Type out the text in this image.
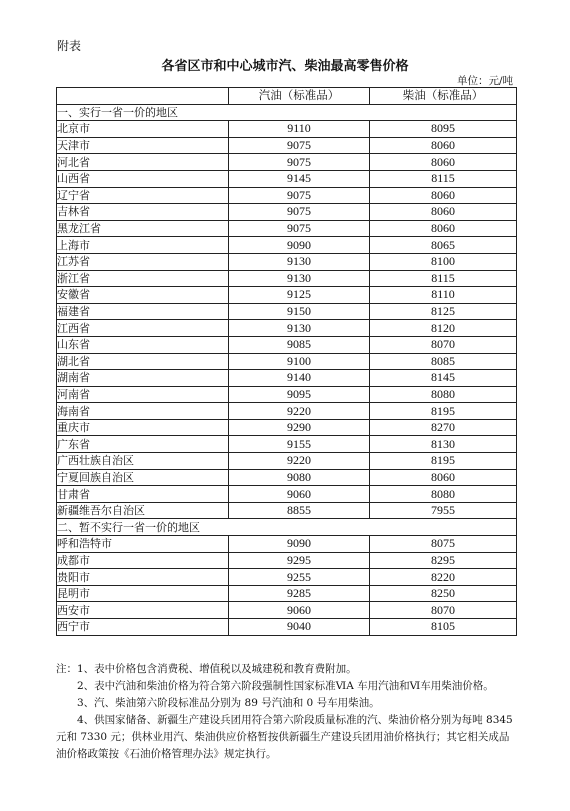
附表
各省区市和中心城市汽、柴油最高零售价格
单位：元/吨
	汽油（标准品）	柴油（标准品）
一、实行一省一价的地区		
北京市	9110	8095
天津市	9075	8060
河北省	9075	8060
山西省	9145	8115
辽宁省	9075	8060
吉林省	9075	8060
黑龙江省	9075	8060
上海市	9090	8065
江苏省	9130	8100
浙江省	9130	8115
安徽省	9125	8110
福建省	9150	8125
江西省	9130	8120
山东省	9085	8070
湖北省	9100	8085
湖南省	9140	8145
河南省	9095	8080
海南省	9220	8195
重庆市	9290	8270
广东省	9155	8130
广西壮族自治区	9220	8195
宁夏回族自治区	9080	8060
甘肃省	9060	8080
新疆维吾尔自治区	8855	7955
二、暂不实行一省一价的地区		
呼和浩特市	9090	8075
成都市	9295	8295
贵阳市	9255	8220
昆明市	9285	8250
西安市	9060	8070
西宁市	9040	8105
注： 1、表中价格包含消费税、增值税以及城建税和教育费附加。

2、表中汽油和柴油价格为符合第六阶段强制性国家标准ⅥA 车用汽油和Ⅵ车用柴油价格。

3、汽、柴油第六阶段标准品分别为 89 号汽油和 0 号车用柴油。

4、供国家储备、新疆生产建设兵团用符合第六阶段质量标准的汽、柴油价格分别为每吨 8345 元和 7330 元；供林业用汽、柴油供应价格暂按供新疆生产建设兵团用油价格执行；其它相关成品油价格政策按《石油价格管理办法》规定执行。
